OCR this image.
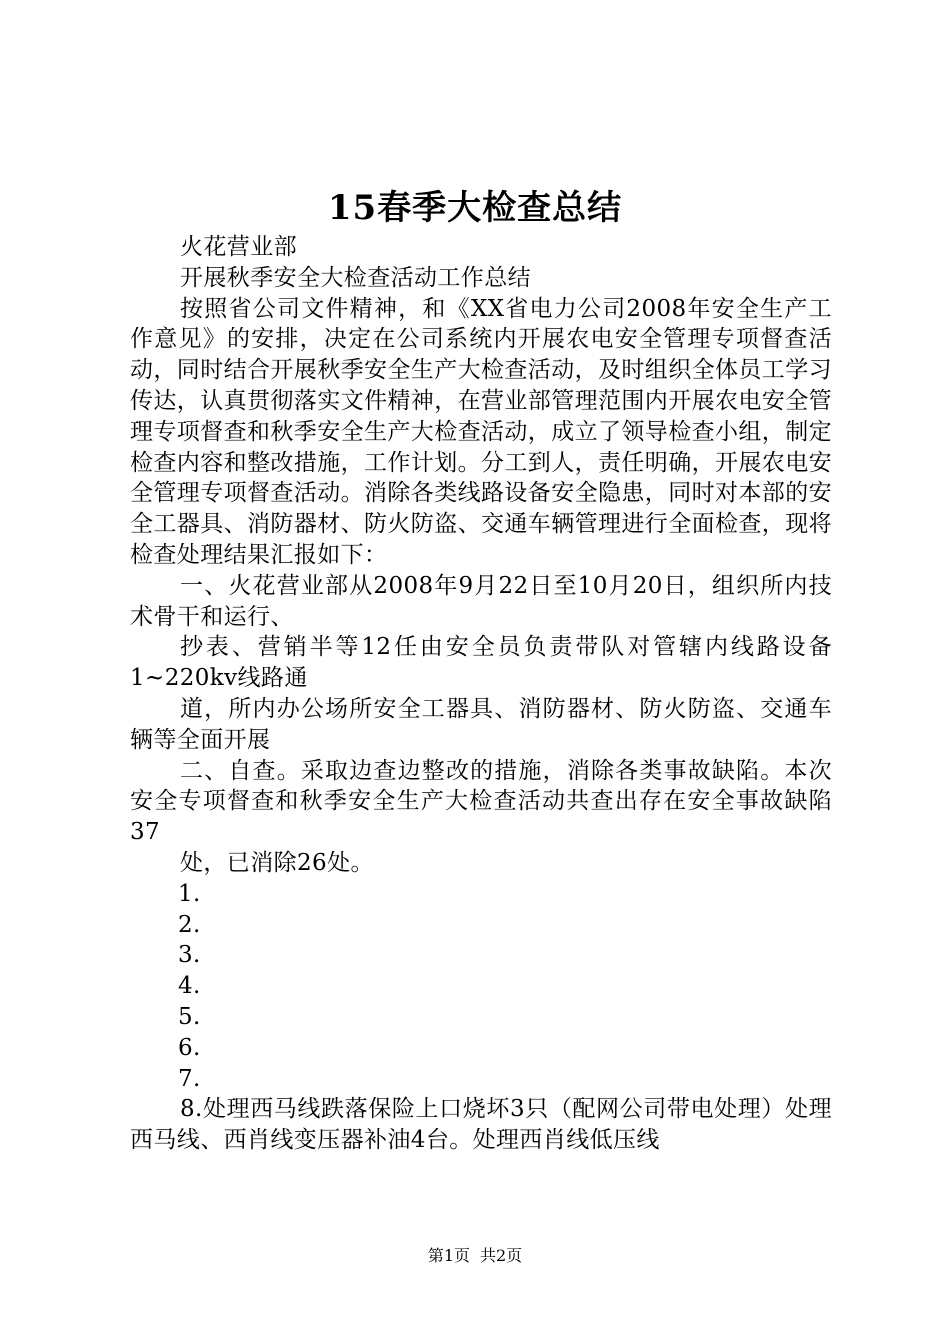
15春季大检查总结

火花营业部

开展秋季安全大检查活动工作总结

按照省公司文件精神，和《XX省电力公司2008年安全生产工作意见》的安排，决定在公司系统内开展农电安全管理专项督查活动，同时结合开展秋季安全生产大检查活动，及时组织全体员工学习传达，认真贯彻落实文件精神，在营业部管理范围内开展农电安全管理专项督查和秋季安全生产大检查活动，成立了领导检查小组，制定检查内容和整改措施，工作计划。分工到人，责任明确，开展农电安全管理专项督查活动。消除各类线路设备安全隐患，同时对本部的安全工器具、消防器材、防火防盗、交通车辆管理进行全面检查，现将检查处理结果汇报如下：

一、火花营业部从2008年9月22日至10月20日，组织所内技术骨干和运行、

抄表、营销半等12任由安全员负责带队对管辖内线路设备1~220kv线路通

道，所内办公场所安全工器具、消防器材、防火防盗、交通车辆等全面开展

二、自查。采取边查边整改的措施，消除各类事故缺陷。本次安全专项督查和秋季安全生产大检查活动共查出存在安全事故缺陷37

处，已消除26处。

1.

2.

3.

4.

5.

6.

7.

8.处理西马线跌落保险上口烧坏3只（配网公司带电处理）处理西马线、西肖线变压器补油4台。处理西肖线低压线

第1页 共2页
